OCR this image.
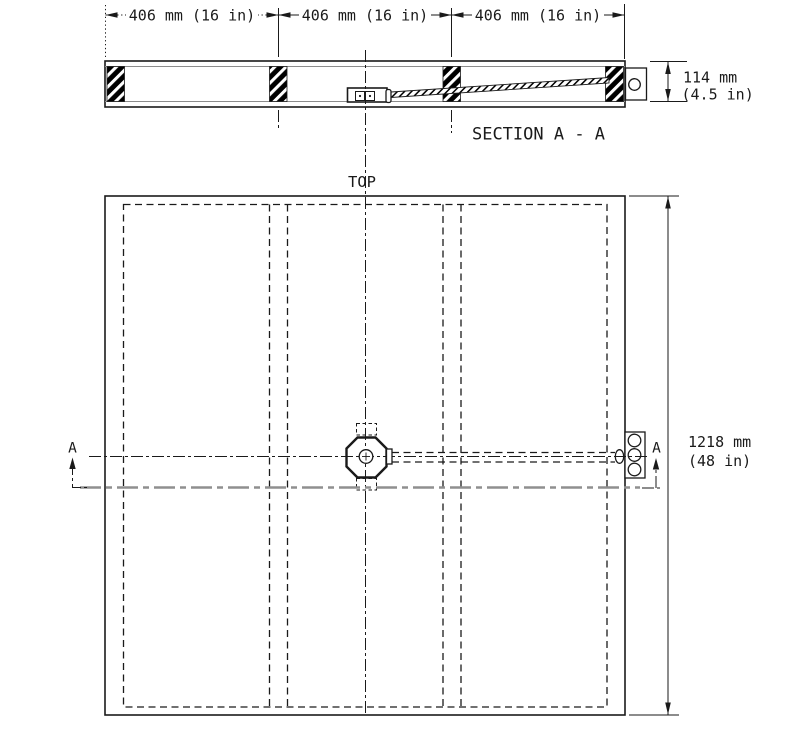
406 mm (16 in)	406 mm (16 in)	406 mm (16 in)
114 mm
(4.5 in)
SECTION A - A
TOP
A	A 1218 mm
(48 in)
